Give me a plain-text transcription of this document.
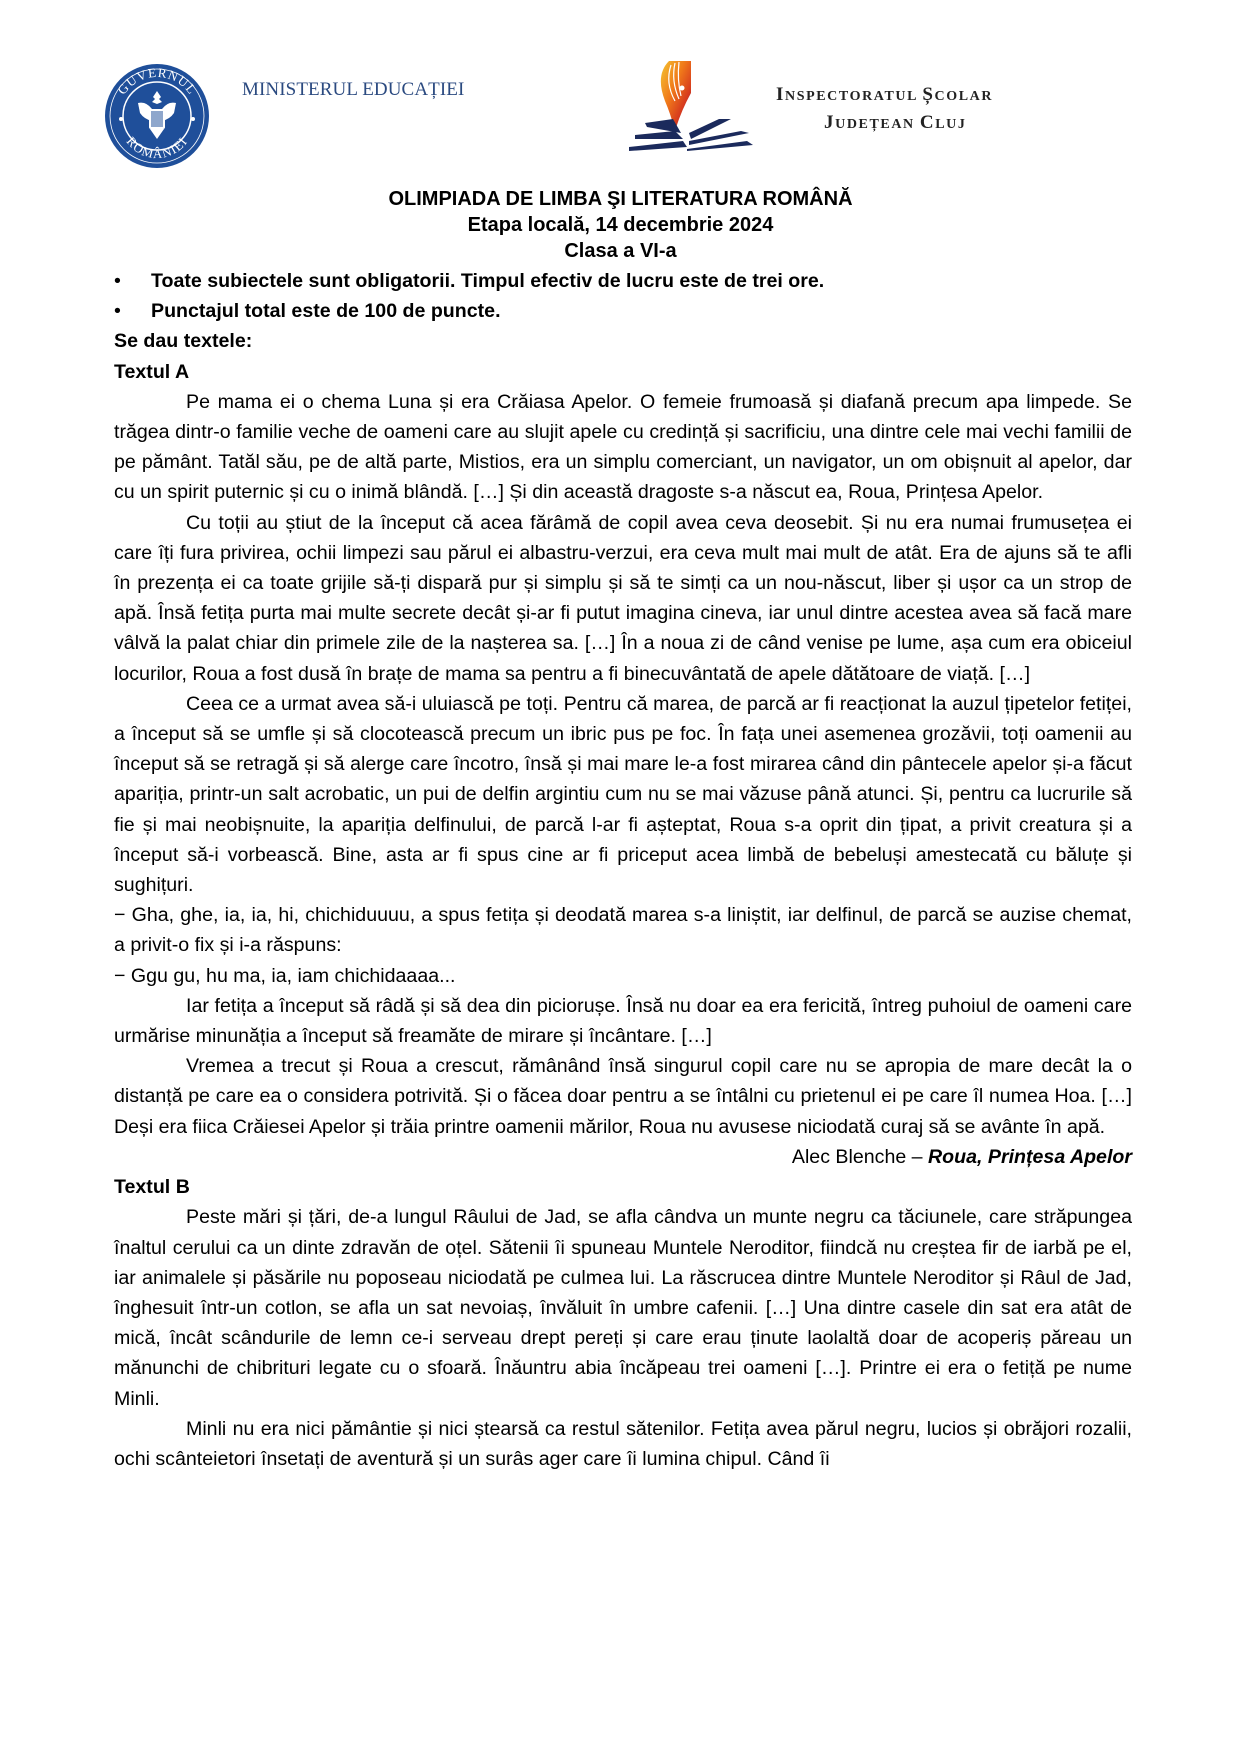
GUVERNUL
ROMÂNIEI
MINISTERUL EDUCAȚIEI	INSPECTORATUL ȘCOLAR
JUDEȚEAN CLUJ
OLIMPIADA DE LIMBA ŞI LITERATURA ROMÂNĂ
Etapa locală, 14 decembrie 2024
Clasa a VI-a
• Toate subiectele sunt obligatorii. Timpul efectiv de lucru este de trei ore.
• Punctajul total este de 100 de puncte.
Se dau textele:
Textul A

Pe mama ei o chema Luna și era Crăiasa Apelor. O femeie frumoasă și diafană precum apa limpede. Se trăgea dintr-o familie veche de oameni care au slujit apele cu credință și sacrificiu, una dintre cele mai vechi familii de pe pământ. Tatăl său, pe de altă parte, Mistios, era un simplu comerciant, un navigator, un om obișnuit al apelor, dar cu un spirit puternic și cu o inimă blândă. […] Și din această dragoste s-a născut ea, Roua, Prințesa Apelor.

Cu toții au știut de la început că acea fărâmă de copil avea ceva deosebit. Și nu era numai frumusețea ei care îți fura privirea, ochii limpezi sau părul ei albastru-verzui, era ceva mult mai mult de atât. Era de ajuns să te afli în prezența ei ca toate grijile să-ți dispară pur și simplu și să te simți ca un nou-născut, liber și ușor ca un strop de apă. Însă fetița purta mai multe secrete decât și-ar fi putut imagina cineva, iar unul dintre acestea avea să facă mare vâlvă la palat chiar din primele zile de la nașterea sa. […] În a noua zi de când venise pe lume, așa cum era obiceiul locurilor, Roua a fost dusă în brațe de mama sa pentru a fi binecuvântată de apele dătătoare de viață. […]

Ceea ce a urmat avea să-i uluiască pe toți. Pentru că marea, de parcă ar fi reacționat la auzul țipetelor fetiței, a început să se umfle și să clocotească precum un ibric pus pe foc. În fața unei asemenea grozăvii, toți oamenii au început să se retragă și să alerge care încotro, însă și mai mare le-a fost mirarea când din pântecele apelor și-a făcut apariția, printr-un salt acrobatic, un pui de delfin argintiu cum nu se mai văzuse până atunci. Și, pentru ca lucrurile să fie și mai neobișnuite, la apariția delfinului, de parcă l-ar fi așteptat, Roua s-a oprit din țipat, a privit creatura și a început să-i vorbească. Bine, asta ar fi spus cine ar fi priceput acea limbă de bebeluși amestecată cu băluțe și sughițuri.

− Gha, ghe, ia, ia, hi, chichiduuuu, a spus fetița și deodată marea s-a liniștit, iar delfinul, de parcă se auzise chemat, a privit-o fix și i-a răspuns:

− Ggu gu, hu ma, ia, iam chichidaaaa...

Iar fetița a început să râdă și să dea din piciorușe. Însă nu doar ea era fericită, întreg puhoiul de oameni care urmărise minunăția a început să freamăte de mirare și încântare. […]

Vremea a trecut și Roua a crescut, rămânând însă singurul copil care nu se apropia de mare decât la o distanță pe care ea o considera potrivită. Și o făcea doar pentru a se întâlni cu prietenul ei pe care îl numea Hoa. […] Deși era fiica Crăiesei Apelor și trăia printre oamenii mărilor, Roua nu avusese niciodată curaj să se avânte în apă.

Alec Blenche – Roua, Prințesa Apelor
Textul B

Peste mări și țări, de-a lungul Râului de Jad, se afla cândva un munte negru ca tăciunele, care străpungea înaltul cerului ca un dinte zdravăn de oțel. Sătenii îi spuneau Muntele Neroditor, fiindcă nu creștea fir de iarbă pe el, iar animalele și păsările nu poposeau niciodată pe culmea lui. La răscrucea dintre Muntele Neroditor și Râul de Jad, înghesuit într-un cotlon, se afla un sat nevoiaș, învăluit în umbre cafenii. […] Una dintre casele din sat era atât de mică, încât scândurile de lemn ce-i serveau drept pereți și care erau ținute laolaltă doar de acoperiș păreau un mănunchi de chibrituri legate cu o sfoară. Înăuntru abia încăpeau trei oameni […]. Printre ei era o fetiță pe nume Minli.

Minli nu era nici pământie și nici ștearsă ca restul sătenilor. Fetița avea părul negru, lucios și obrăjori rozalii, ochi scânteietori însetați de aventură și un surâs ager care îi lumina chipul. Când îi
